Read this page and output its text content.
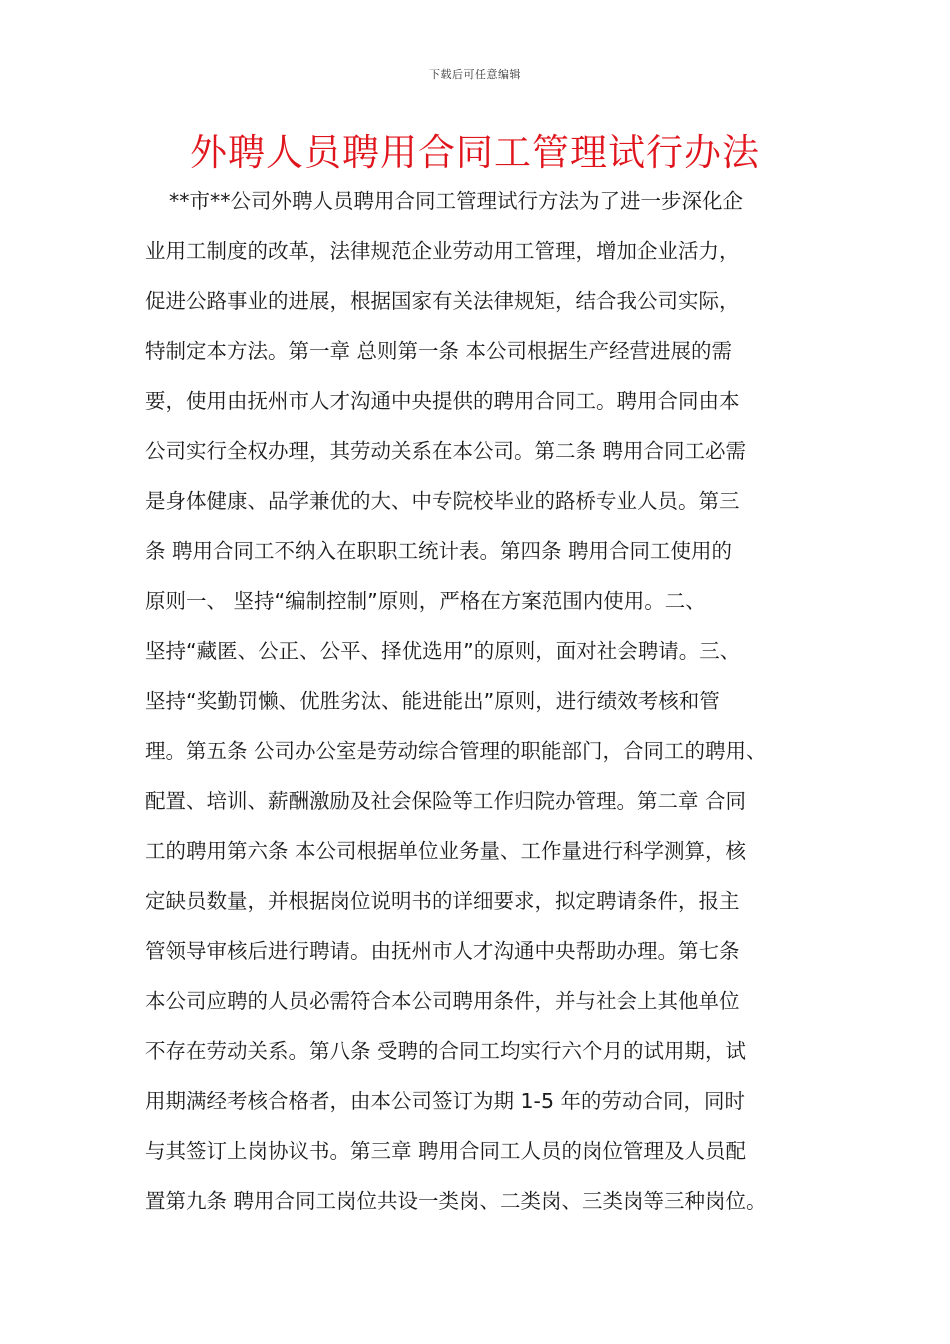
下载后可任意编辑
外聘人员聘用合同工管理试行办法
**市**公司外聘人员聘用合同工管理试行方法为了进一步深化企
业用工制度的改革，法律规范企业劳动用工管理，增加企业活力，
促进公路事业的进展，根据国家有关法律规矩，结合我公司实际，
特制定本方法。第一章 总则第一条 本公司根据生产经营进展的需
要，使用由抚州市人才沟通中央提供的聘用合同工。聘用合同由本
公司实行全权办理，其劳动关系在本公司。第二条 聘用合同工必需
是身体健康、品学兼优的大、中专院校毕业的路桥专业人员。第三
条 聘用合同工不纳入在职职工统计表。第四条 聘用合同工使用的
原则一、 坚持“编制控制”原则，严格在方案范围内使用。二、
坚持“藏匿、公正、公平、择优选用”的原则，面对社会聘请。三、
坚持“奖勤罚懒、优胜劣汰、能进能出”原则，进行绩效考核和管
理。第五条 公司办公室是劳动综合管理的职能部门，合同工的聘用、
配置、培训、薪酬激励及社会保险等工作归院办管理。第二章 合同
工的聘用第六条 本公司根据单位业务量、工作量进行科学测算，核
定缺员数量，并根据岗位说明书的详细要求，拟定聘请条件，报主
管领导审核后进行聘请。由抚州市人才沟通中央帮助办理。第七条
本公司应聘的人员必需符合本公司聘用条件，并与社会上其他单位
不存在劳动关系。第八条 受聘的合同工均实行六个月的试用期，试
用期满经考核合格者，由本公司签订为期 1-5 年的劳动合同，同时
与其签订上岗协议书。第三章 聘用合同工人员的岗位管理及人员配
置第九条 聘用合同工岗位共设一类岗、二类岗、三类岗等三种岗位。
